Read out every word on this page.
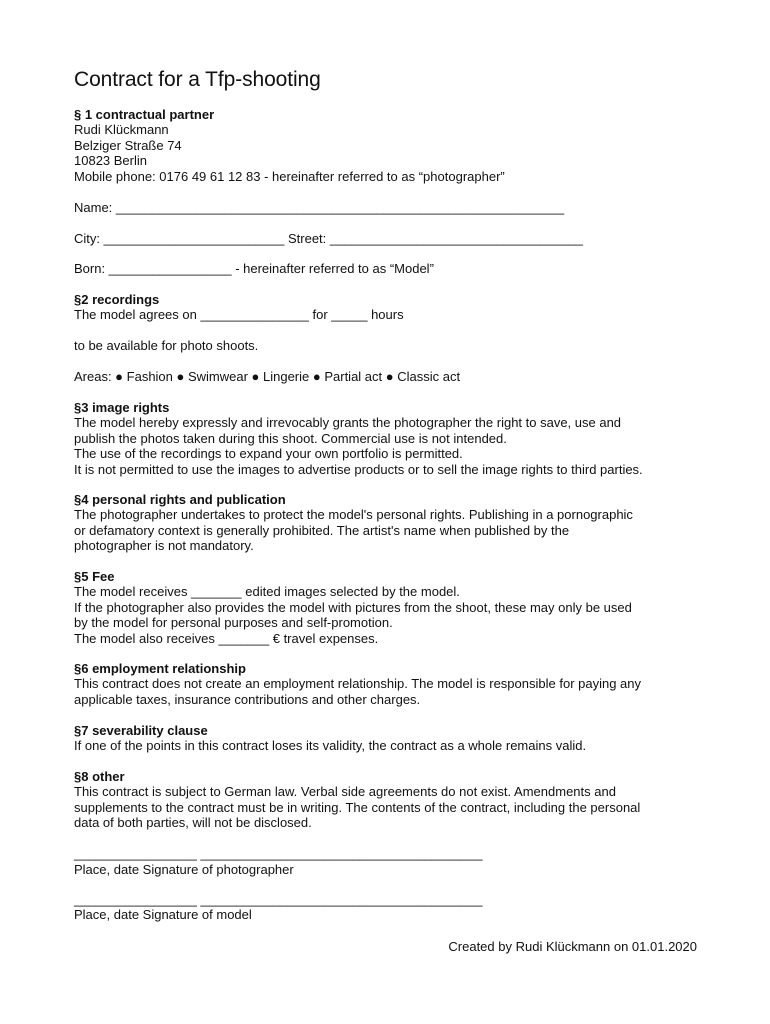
Contract for a Tfp-shooting
§ 1 contractual partner
Rudi Klückmann
Belziger Straße 74
10823 Berlin
Mobile phone: 0176 49 61 12 83 - hereinafter referred to as “photographer”
Name: ______________________________________________________________
City: _________________________ Street: ___________________________________
Born: _________________ - hereinafter referred to as “Model”
§2 recordings
The model agrees on _______________ for _____ hours
to be available for photo shoots.
Areas: ● Fashion ● Swimwear ● Lingerie ● Partial act ● Classic act
§3 image rights
The model hereby expressly and irrevocably grants the photographer the right to save, use and
publish the photos taken during this shoot. Commercial use is not intended.
The use of the recordings to expand your own portfolio is permitted.
It is not permitted to use the images to advertise products or to sell the image rights to third parties.
§4 personal rights and publication
The photographer undertakes to protect the model's personal rights. Publishing in a pornographic
or defamatory context is generally prohibited. The artist's name when published by the
photographer is not mandatory.
§5 Fee
The model receives _______ edited images selected by the model.
If the photographer also provides the model with pictures from the shoot, these may only be used
by the model for personal purposes and self-promotion.
The model also receives _______ € travel expenses.
§6 employment relationship
This contract does not create an employment relationship. The model is responsible for paying any
applicable taxes, insurance contributions and other charges.
§7 severability clause
If one of the points in this contract loses its validity, the contract as a whole remains valid.
§8 other
This contract is subject to German law. Verbal side agreements do not exist. Amendments and
supplements to the contract must be in writing. The contents of the contract, including the personal
data of both parties, will not be disclosed.
_________________ _______________________________________
Place, date Signature of photographer
_________________ _______________________________________
Place, date Signature of model
Created by Rudi Klückmann on 01.01.2020
